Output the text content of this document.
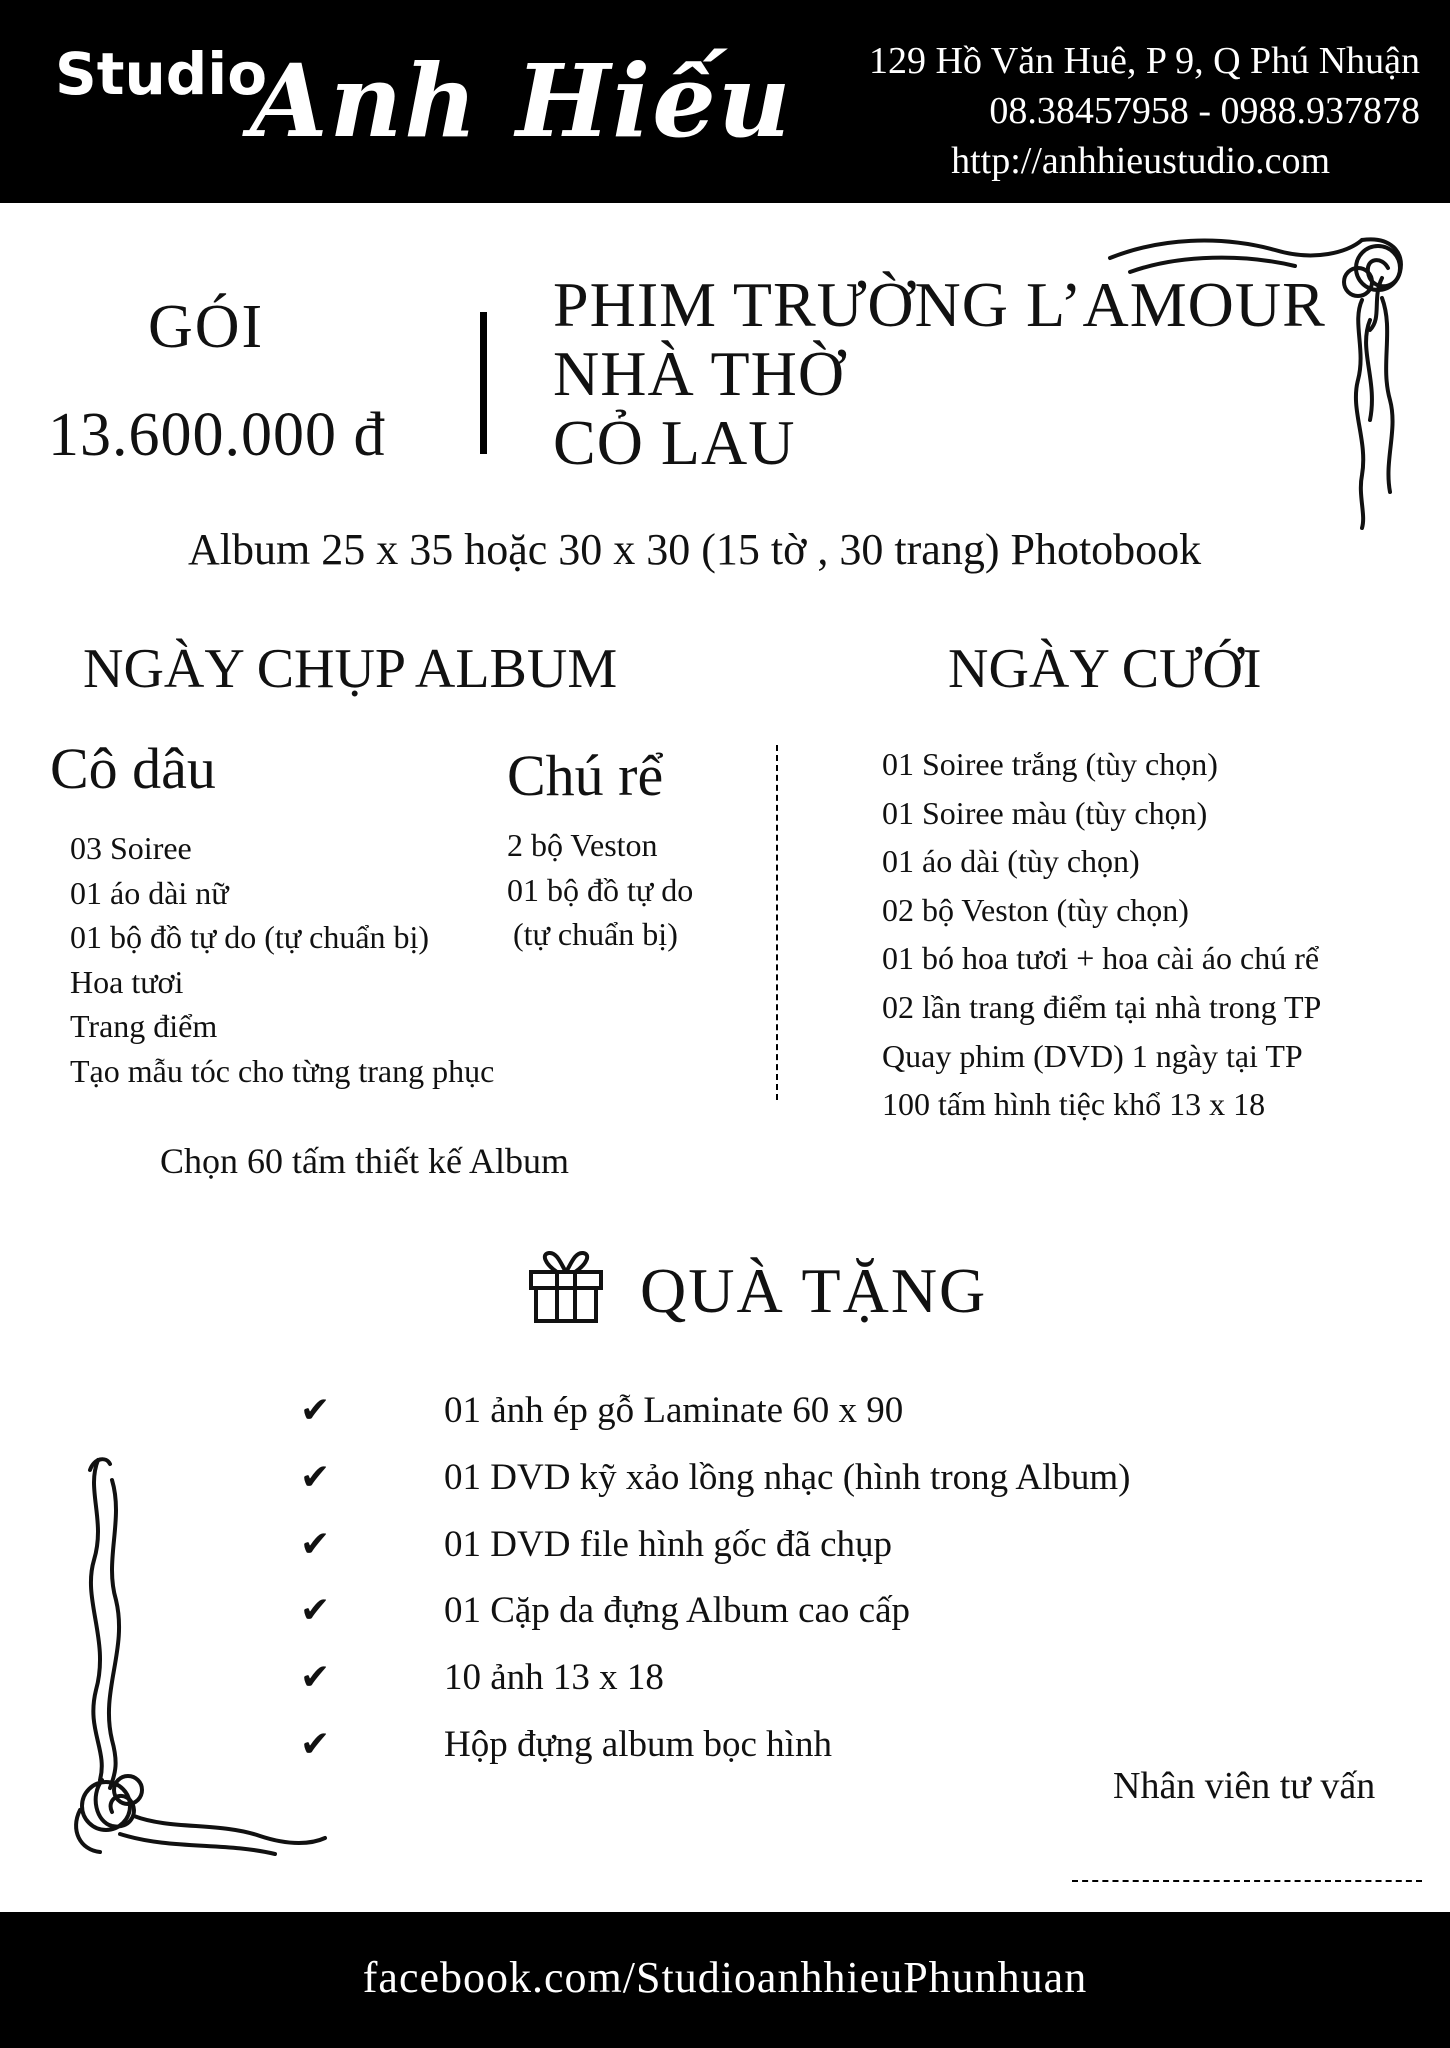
Studio
Anh Hiếu	129 Hồ Văn Huê, P 9, Q Phú Nhuận
08.38457958 - 0988.937878
http://anhhieustudio.com
GÓI
13.600.000 đ
PHIM TRƯỜNG L’AMOUR
NHÀ THỜ
CỎ LAU
Album 25 x 35 hoặc 30 x 30 (15 tờ , 30 trang) Photobook
NGÀY CHỤP ALBUM	NGÀY CƯỚI
Cô dâu
03 Soiree
01 áo dài nữ
01 bộ đồ tự do (tự chuẩn bị)
Hoa tươi
Trang điểm
Tạo mẫu tóc cho từng trang phục
Chú rể
2 bộ Veston
01 bộ đồ tự do
(tự chuẩn bị)
01 Soiree trắng (tùy chọn)
01 Soiree màu (tùy chọn)
01 áo dài (tùy chọn)
02 bộ Veston (tùy chọn)
01 bó hoa tươi + hoa cài áo chú rể
02 lần trang điểm tại nhà trong TP
Quay phim (DVD) 1 ngày tại TP
100 tấm hình tiệc khổ 13 x 18
Chọn 60 tấm thiết kế Album
QUÀ TẶNG
✔	01 ảnh ép gỗ Laminate 60 x 90
✔	01 DVD kỹ xảo lồng nhạc (hình trong Album)
✔	01 DVD file hình gốc đã chụp
✔	01 Cặp da đựng Album cao cấp
✔	10 ảnh 13 x 18
✔	Hộp đựng album bọc hình
Nhân viên tư vấn
facebook.com/StudioanhhieuPhunhuan
